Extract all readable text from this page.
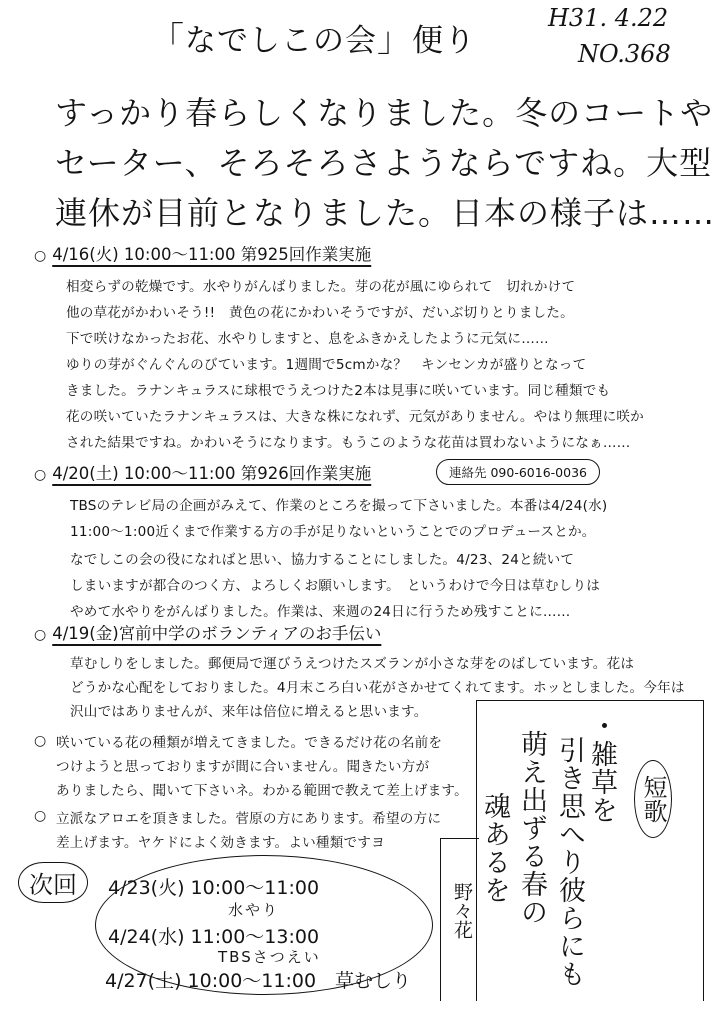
「なでしこの会」便り
H31. 4.22
NO.368
すっかり春らしくなりました。冬のコートや
セーター、そろそろさようならですね。大型
連休が目前となりました。日本の様子は……
○ 4/16(火) 10:00〜11:00 第925回作業実施
相変らずの乾燥です。水やりがんばりました。芽の花が風にゆられて　切れかけて
他の草花がかわいそう!!　黄色の花にかわいそうですが、だいぶ切りとりました。
下で咲けなかったお花、水やりしますと、息をふきかえしたように元気に……
ゆりの芽がぐんぐんのびています。1週間で5cmかな？　キンセンカが盛りとなって
きました。ラナンキュラスに球根でうえつけた2本は見事に咲いています。同じ種類でも
花の咲いていたラナンキュラスは、大きな株になれず、元気がありません。やはり無理に咲か
された結果ですね。かわいそうになります。もうこのような花苗は買わないようになぁ……
○ 4/20(土) 10:00〜11:00 第926回作業実施	連絡先 090-6016-0036
TBSのテレビ局の企画がみえて、作業のところを撮って下さいました。本番は4/24(水)
11:00〜1:00近くまで作業する方の手が足りないということでのプロデュースとか。
なでしこの会の役になればと思い、協力することにしました。4/23、24と続いて
しまいますが都合のつく方、よろしくお願いします。　というわけで今日は草むしりは
やめて水やりをがんばりました。作業は、来週の24日に行うため残すことに……
○ 4/19(金)宮前中学のボランティアのお手伝い
草むしりをしました。郵便局で運びうえつけたスズランが小さな芽をのばしています。花は
どうかな心配をしておりました。4月末ころ白い花がさかせてくれてます。ホッとしました。今年は
沢山ではありませんが、来年は倍位に増えると思います。
○ 咲いている花の種類が増えてきました。できるだけ花の名前を
つけようと思っておりますが間に合いません。聞きたい方が
ありましたら、聞いて下さいネ。わかる範囲で教えて差上げます。
○ 立派なアロエを頂きました。菅原の方にあります。希望の方に
差上げます。ヤケドによく効きます。よい種類ですヨ
次回	4/23(火) 10:00〜11:00
水やり
4/24(水) 11:00〜13:00
TBSさつえい
4/27(土) 10:00〜11:00 草むしり
短歌
・雑草を
引き思へり彼らにも
萌え出ずる春の
魂あるを
野々花
